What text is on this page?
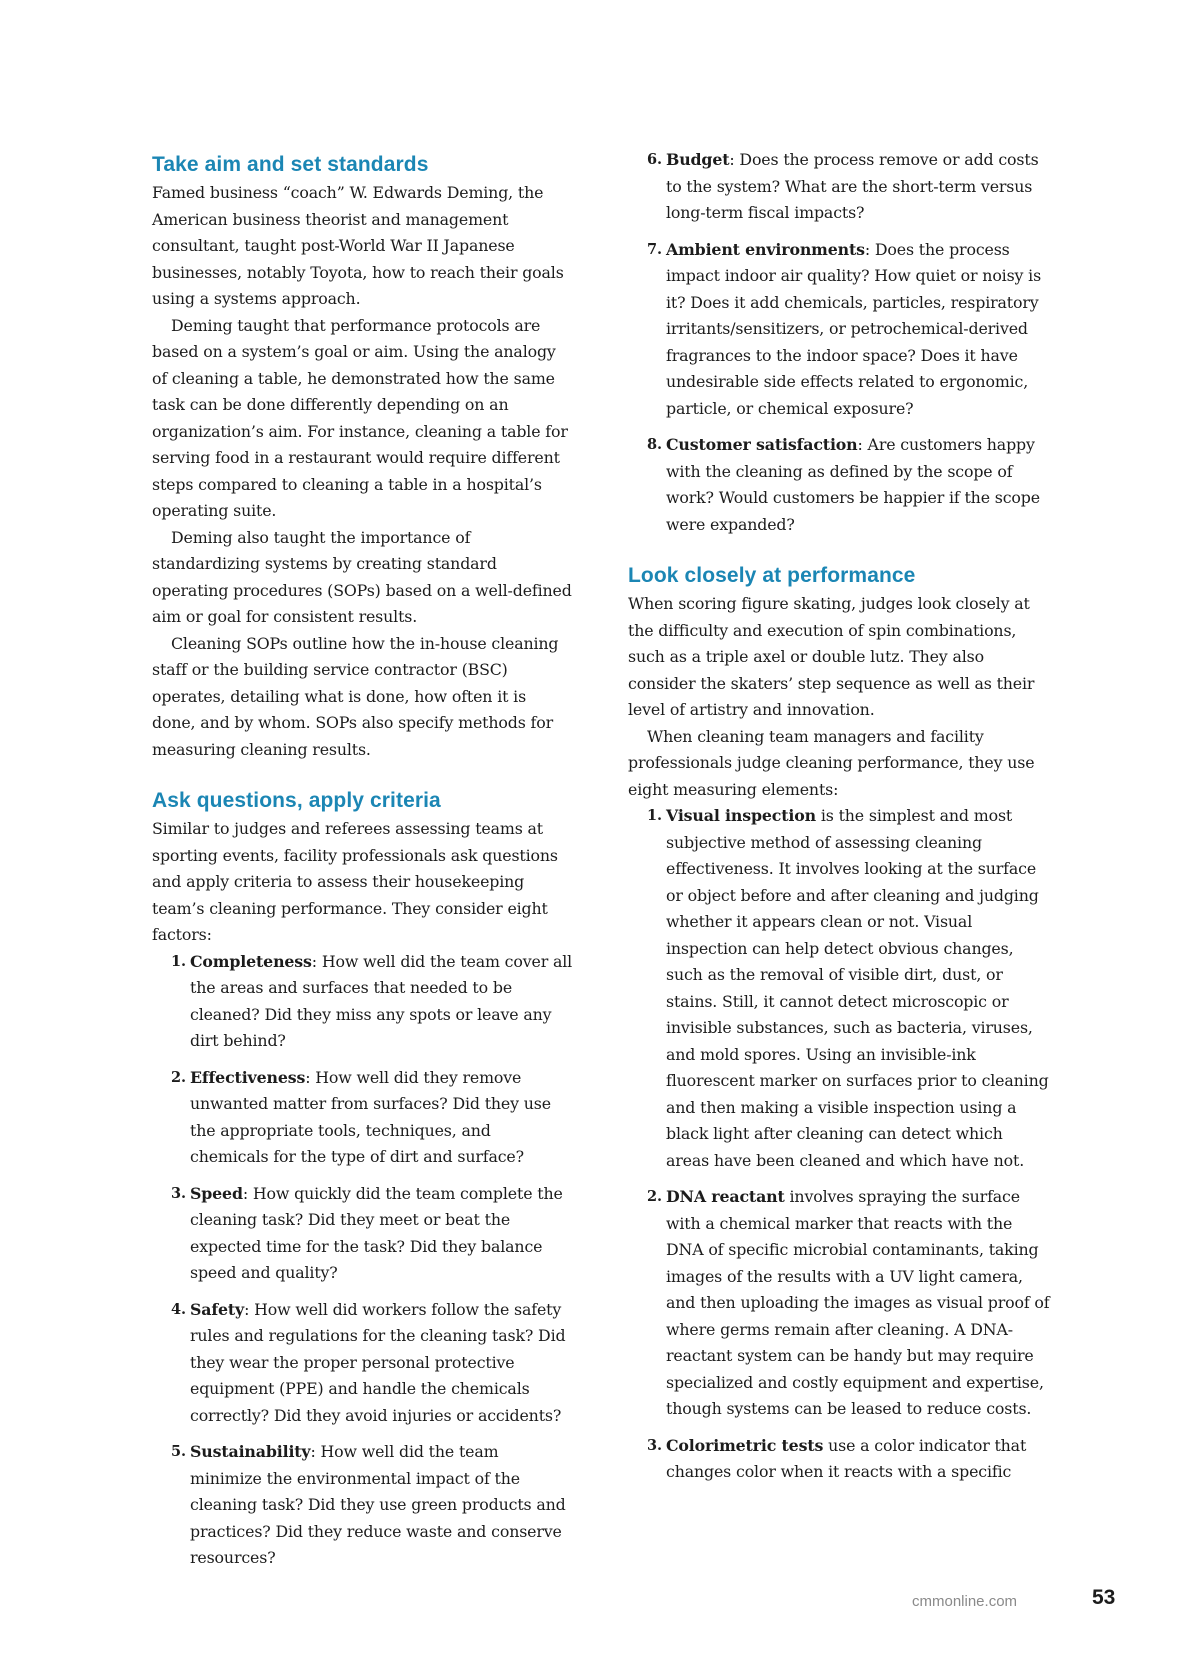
Take aim and set standards

Famed business “coach” W. Edwards Deming, the American business theorist and management consultant, taught post-World War II Japanese businesses, notably Toyota, how to reach their goals using a systems approach.

Deming taught that performance protocols are based on a system’s goal or aim. Using the analogy of cleaning a table, he demonstrated how the same task can be done differently depending on an organization’s aim. For instance, cleaning a table for serving food in a restaurant would require different steps compared to cleaning a table in a hospital’s operating suite.

Deming also taught the importance of standardizing systems by creating standard operating procedures (SOPs) based on a well-defined aim or goal for consistent results.

Cleaning SOPs outline how the in-house cleaning staff or the building service contractor (BSC) operates, detailing what is done, how often it is done, and by whom. SOPs also specify methods for measuring cleaning results.

Ask questions, apply criteria

Similar to judges and referees assessing teams at sporting events, facility professionals ask questions and apply criteria to assess their housekeeping team’s cleaning performance. They consider eight factors:

1. Completeness: How well did the team cover all the areas and surfaces that needed to be cleaned? Did they miss any spots or leave any dirt behind?
2. Effectiveness: How well did they remove unwanted matter from surfaces? Did they use the appropriate tools, techniques, and chemicals for the type of dirt and surface?
3. Speed: How quickly did the team complete the cleaning task? Did they meet or beat the expected time for the task? Did they balance speed and quality?
4. Safety: How well did workers follow the safety rules and regulations for the cleaning task? Did they wear the proper personal protective equipment (PPE) and handle the chemicals correctly? Did they avoid injuries or accidents?
5. Sustainability: How well did the team minimize the environmental impact of the cleaning task? Did they use green products and practices? Did they reduce waste and conserve resources?
6. Budget: Does the process remove or add costs to the system? What are the short-term versus long-term fiscal impacts?
7. Ambient environments: Does the process impact indoor air quality? How quiet or noisy is it? Does it add chemicals, particles, respiratory irritants/sensitizers, or petrochemical-derived fragrances to the indoor space? Does it have undesirable side effects related to ergonomic, particle, or chemical exposure?
8. Customer satisfaction: Are customers happy with the cleaning as defined by the scope of work? Would customers be happier if the scope were expanded?
Look closely at performance

When scoring figure skating, judges look closely at the difficulty and execution of spin combinations, such as a triple axel or double lutz. They also consider the skaters’ step sequence as well as their level of artistry and innovation.

When cleaning team managers and facility professionals judge cleaning performance, they use eight measuring elements:

1. Visual inspection is the simplest and most subjective method of assessing cleaning effectiveness. It involves looking at the surface or object before and after cleaning and judging whether it appears clean or not. Visual inspection can help detect obvious changes, such as the removal of visible dirt, dust, or stains. Still, it cannot detect microscopic or invisible substances, such as bacteria, viruses, and mold spores. Using an invisible-ink fluorescent marker on surfaces prior to cleaning and then making a visible inspection using a black light after cleaning can detect which areas have been cleaned and which have not.
2. DNA reactant involves spraying the surface with a chemical marker that reacts with the DNA of specific microbial contaminants, taking images of the results with a UV light camera, and then uploading the images as visual proof of where germs remain after cleaning. A DNA-reactant system can be handy but may require specialized and costly equipment and expertise, though systems can be leased to reduce costs.
3. Colorimetric tests use a color indicator that changes color when it reacts with a specific
cmmonline.com	53
